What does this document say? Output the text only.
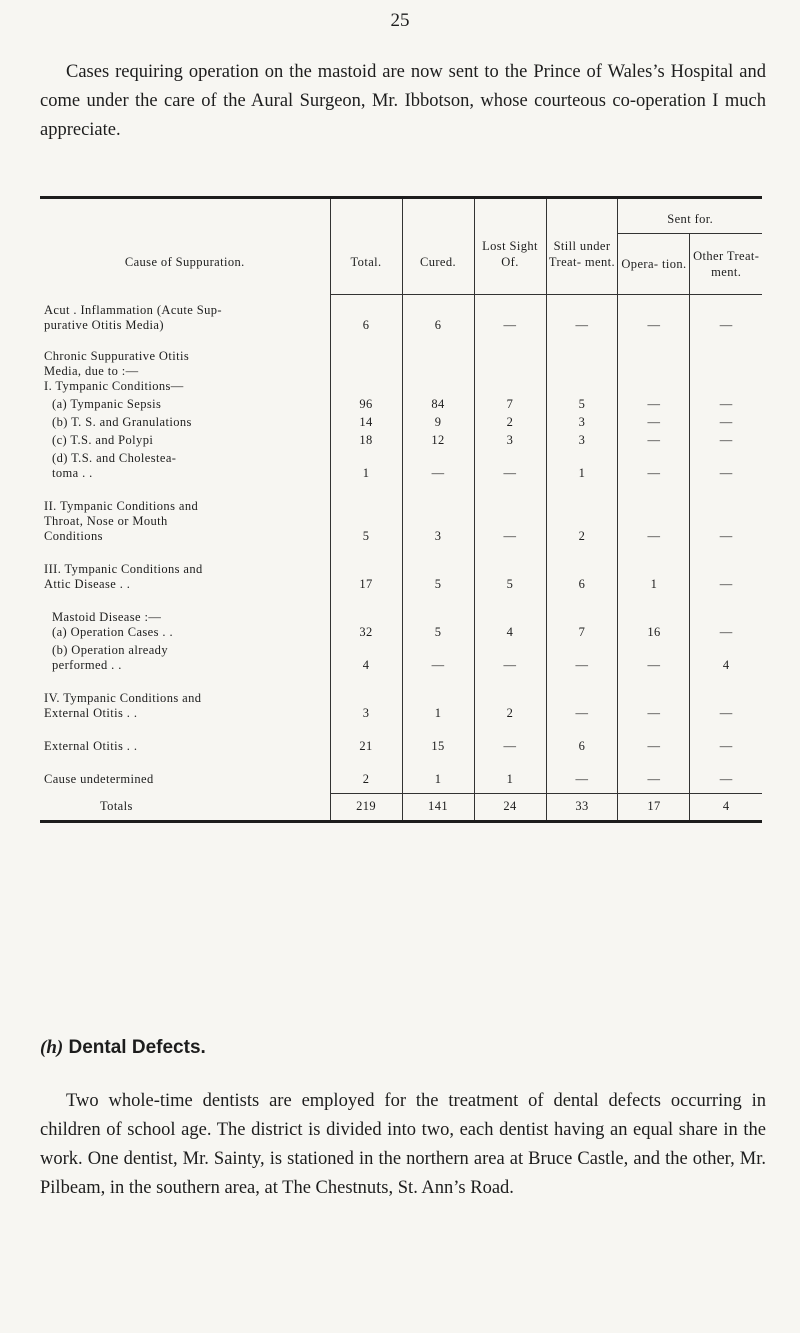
25

Cases requiring operation on the mastoid are now sent to the Prince of Wales’s Hospital and come under the care of the Aural Surgeon, Mr. Ibbotson, whose courteous co-operation I much appreciate.

Cause of Suppuration.	Total.	Cured.	Lost Sight Of.	Still under Treat- ment.	Sent for.	
					Opera- tion.	Other Treat- ment.

Acut . Inflammation (Acute Sup-
purative Otitis Media)	6	6	—	—	—	—

Chronic Suppurative Otitis
Media, due to :—
I. Tympanic Conditions—						

(a) Tympanic Sepsis	96	84	7	5	—	—

(b) T. S. and Granulations	14	9	2	3	—	—

(c) T.S. and Polypi	18	12	3	3	—	—

(d) T.S. and Cholestea-
toma . .	1	—	—	1	—	—

II. Tympanic Conditions and
Throat, Nose or Mouth
Conditions	5	3	—	2	—	—

III. Tympanic Conditions and
Attic Disease . .	17	5	5	6	1	—

Mastoid Disease :—
(a) Operation Cases . .	32	5	4	7	16	—

(b) Operation already
performed . .	4	—	—	—	—	4

IV. Tympanic Conditions and
External Otitis . .	3	1	2	—	—	—

External Otitis . .	21	15	—	6	—	—

Cause undetermined	2	1	1	—	—	—

Totals	219	141	24	33	17	4
(h) Dental Defects.

Two whole-time dentists are employed for the treatment of dental defects occurring in children of school age. The district is divided into two, each dentist having an equal share in the work. One dentist, Mr. Sainty, is stationed in the northern area at Bruce Castle, and the other, Mr. Pilbeam, in the southern area, at The Chestnuts, St. Ann’s Road.
